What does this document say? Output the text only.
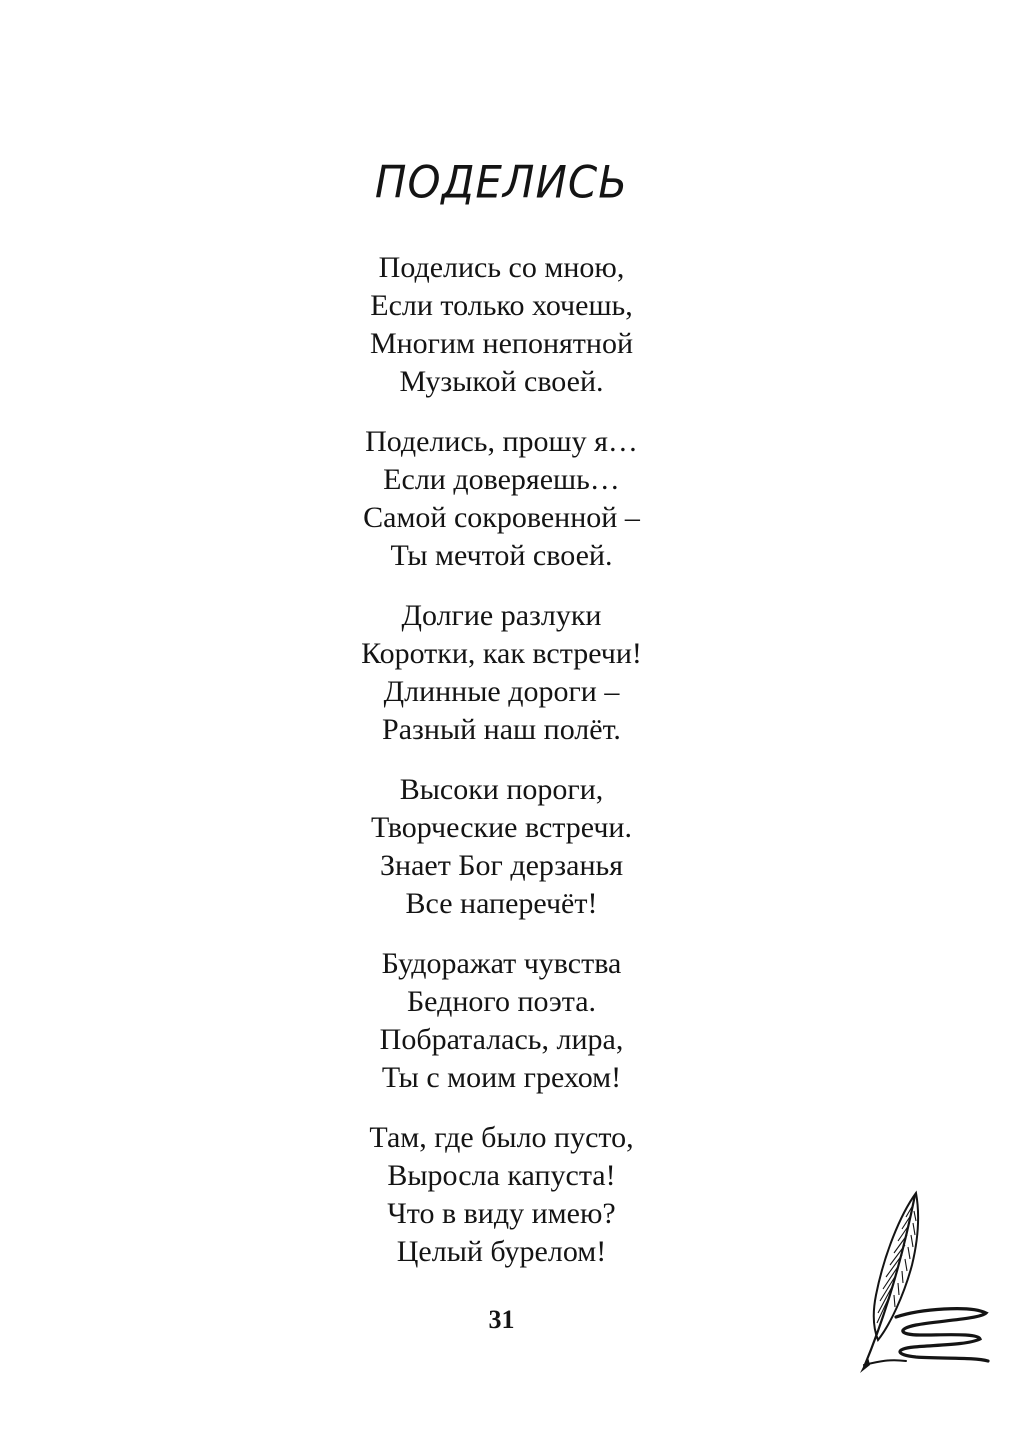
ПОДЕЛИСЬ
Поделись со мною,
Если только хочешь,
Многим непонятной
Музыкой своей.
Поделись, прошу я…
Если доверяешь…
Самой сокровенной –
Ты мечтой своей.
Долгие разлуки
Коротки, как встречи!
Длинные дороги –
Разный наш полёт.
Высоки пороги,
Творческие встречи.
Знает Бог дерзанья
Все наперечёт!
Будоражат чувства
Бедного поэта.
Побраталась, лира,
Ты с моим грехом!
Там, где было пусто,
Выросла капуста!
Что в виду имею?
Целый бурелом!
31
